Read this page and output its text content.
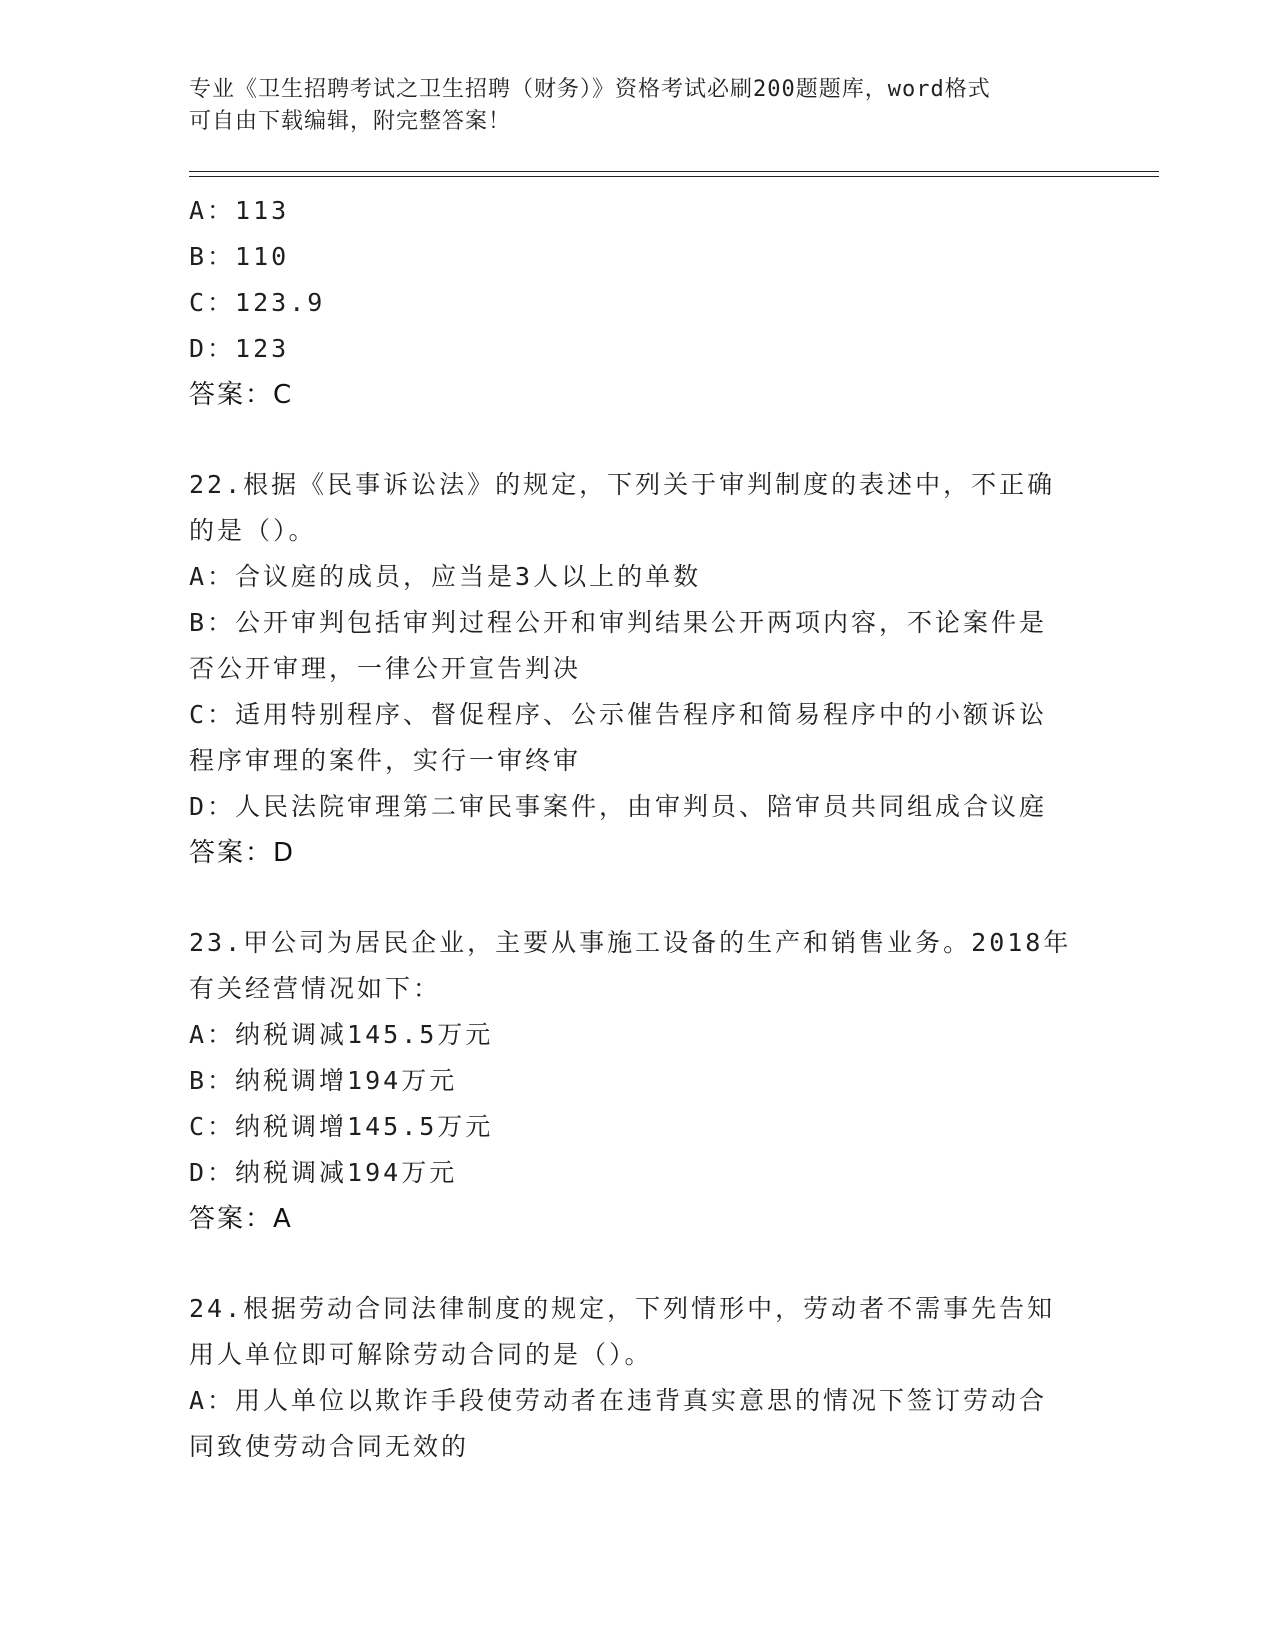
专业《卫生招聘考试之卫生招聘（财务）》资格考试必刷200题题库，word格式
可自由下载编辑，附完整答案！
A：113
B：110
C：123.9
D：123
答案：C
22.根据《民事诉讼法》的规定，下列关于审判制度的表述中，不正确
的是（）。
A：合议庭的成员，应当是3人以上的单数
B：公开审判包括审判过程公开和审判结果公开两项内容，不论案件是
否公开审理，一律公开宣告判决
C：适用特别程序、督促程序、公示催告程序和简易程序中的小额诉讼
程序审理的案件，实行一审终审
D：人民法院审理第二审民事案件，由审判员、陪审员共同组成合议庭
答案：D
23.甲公司为居民企业，主要从事施工设备的生产和销售业务。2018年
有关经营情况如下：
A：纳税调减145.5万元
B：纳税调增194万元
C：纳税调增145.5万元
D：纳税调减194万元
答案：A
24.根据劳动合同法律制度的规定，下列情形中，劳动者不需事先告知
用人单位即可解除劳动合同的是（）。
A：用人单位以欺诈手段使劳动者在违背真实意思的情况下签订劳动合
同致使劳动合同无效的
